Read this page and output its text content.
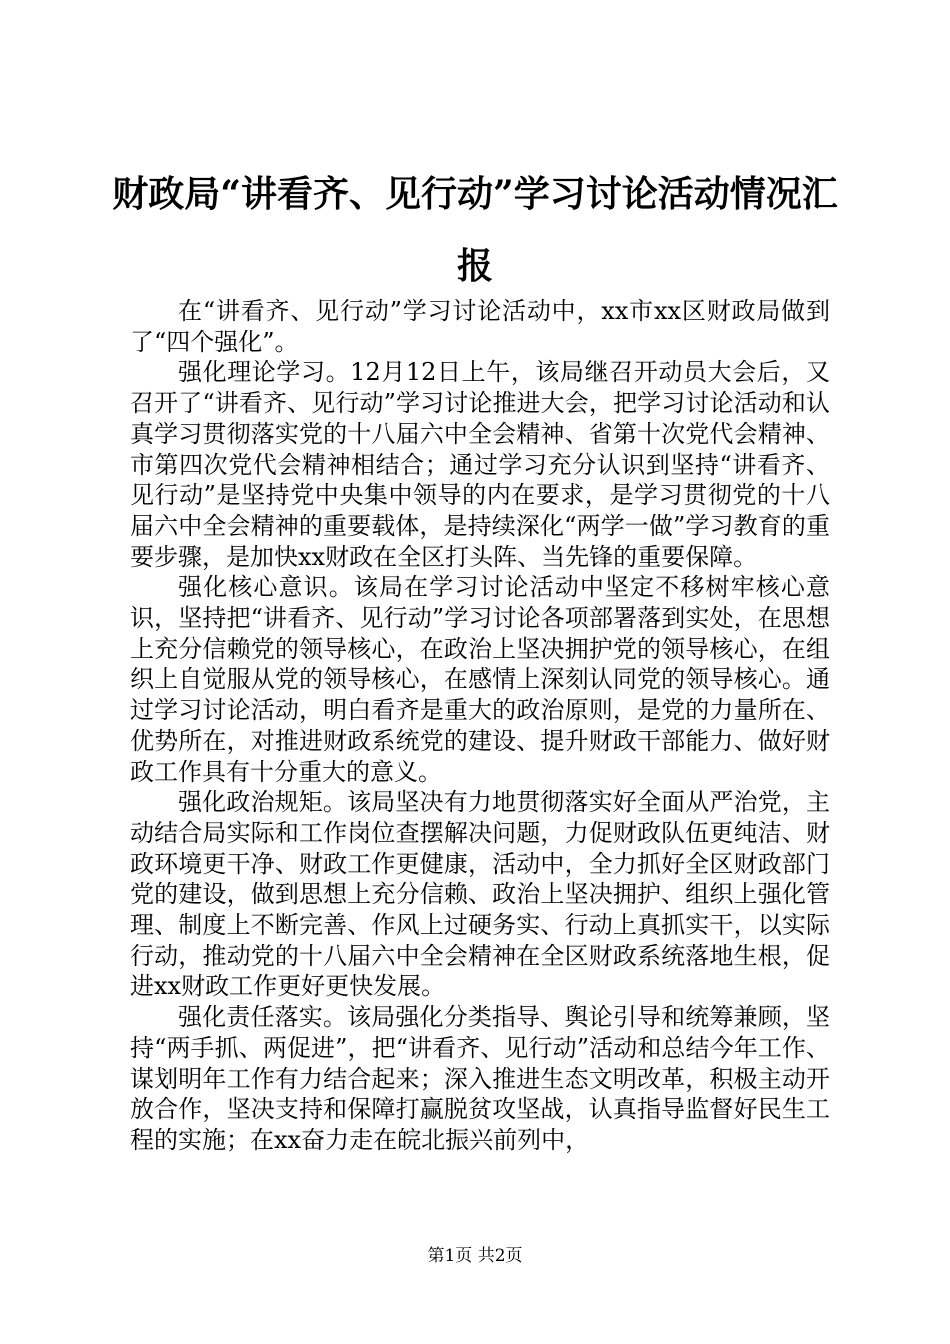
财政局“讲看齐、见行动”学习讨论活动情况汇报

在“讲看齐、见行动”学习讨论活动中，xx市xx区财政局做到了“四个强化”。

强化理论学习。12月12日上午，该局继召开动员大会后，又召开了“讲看齐、见行动”学习讨论推进大会，把学习讨论活动和认真学习贯彻落实党的十八届六中全会精神、省第十次党代会精神、市第四次党代会精神相结合；通过学习充分认识到坚持“讲看齐、见行动”是坚持党中央集中领导的内在要求，是学习贯彻党的十八届六中全会精神的重要载体，是持续深化“两学一做”学习教育的重要步骤，是加快xx财政在全区打头阵、当先锋的重要保障。

强化核心意识。该局在学习讨论活动中坚定不移树牢核心意识，坚持把“讲看齐、见行动”学习讨论各项部署落到实处，在思想上充分信赖党的领导核心，在政治上坚决拥护党的领导核心，在组织上自觉服从党的领导核心，在感情上深刻认同党的领导核心。通过学习讨论活动，明白看齐是重大的政治原则，是党的力量所在、优势所在，对推进财政系统党的建设、提升财政干部能力、做好财政工作具有十分重大的意义。

强化政治规矩。该局坚决有力地贯彻落实好全面从严治党，主动结合局实际和工作岗位查摆解决问题，力促财政队伍更纯洁、财政环境更干净、财政工作更健康，活动中，全力抓好全区财政部门党的建设，做到思想上充分信赖、政治上坚决拥护、组织上强化管理、制度上不断完善、作风上过硬务实、行动上真抓实干，以实际行动，推动党的十八届六中全会精神在全区财政系统落地生根，促进xx财政工作更好更快发展。

强化责任落实。该局强化分类指导、舆论引导和统筹兼顾，坚持“两手抓、两促进”，把“讲看齐、见行动”活动和总结今年工作、谋划明年工作有力结合起来；深入推进生态文明改革，积极主动开放合作，坚决支持和保障打赢脱贫攻坚战，认真指导监督好民生工程的实施；在xx奋力走在皖北振兴前列中，

第1页 共2页
